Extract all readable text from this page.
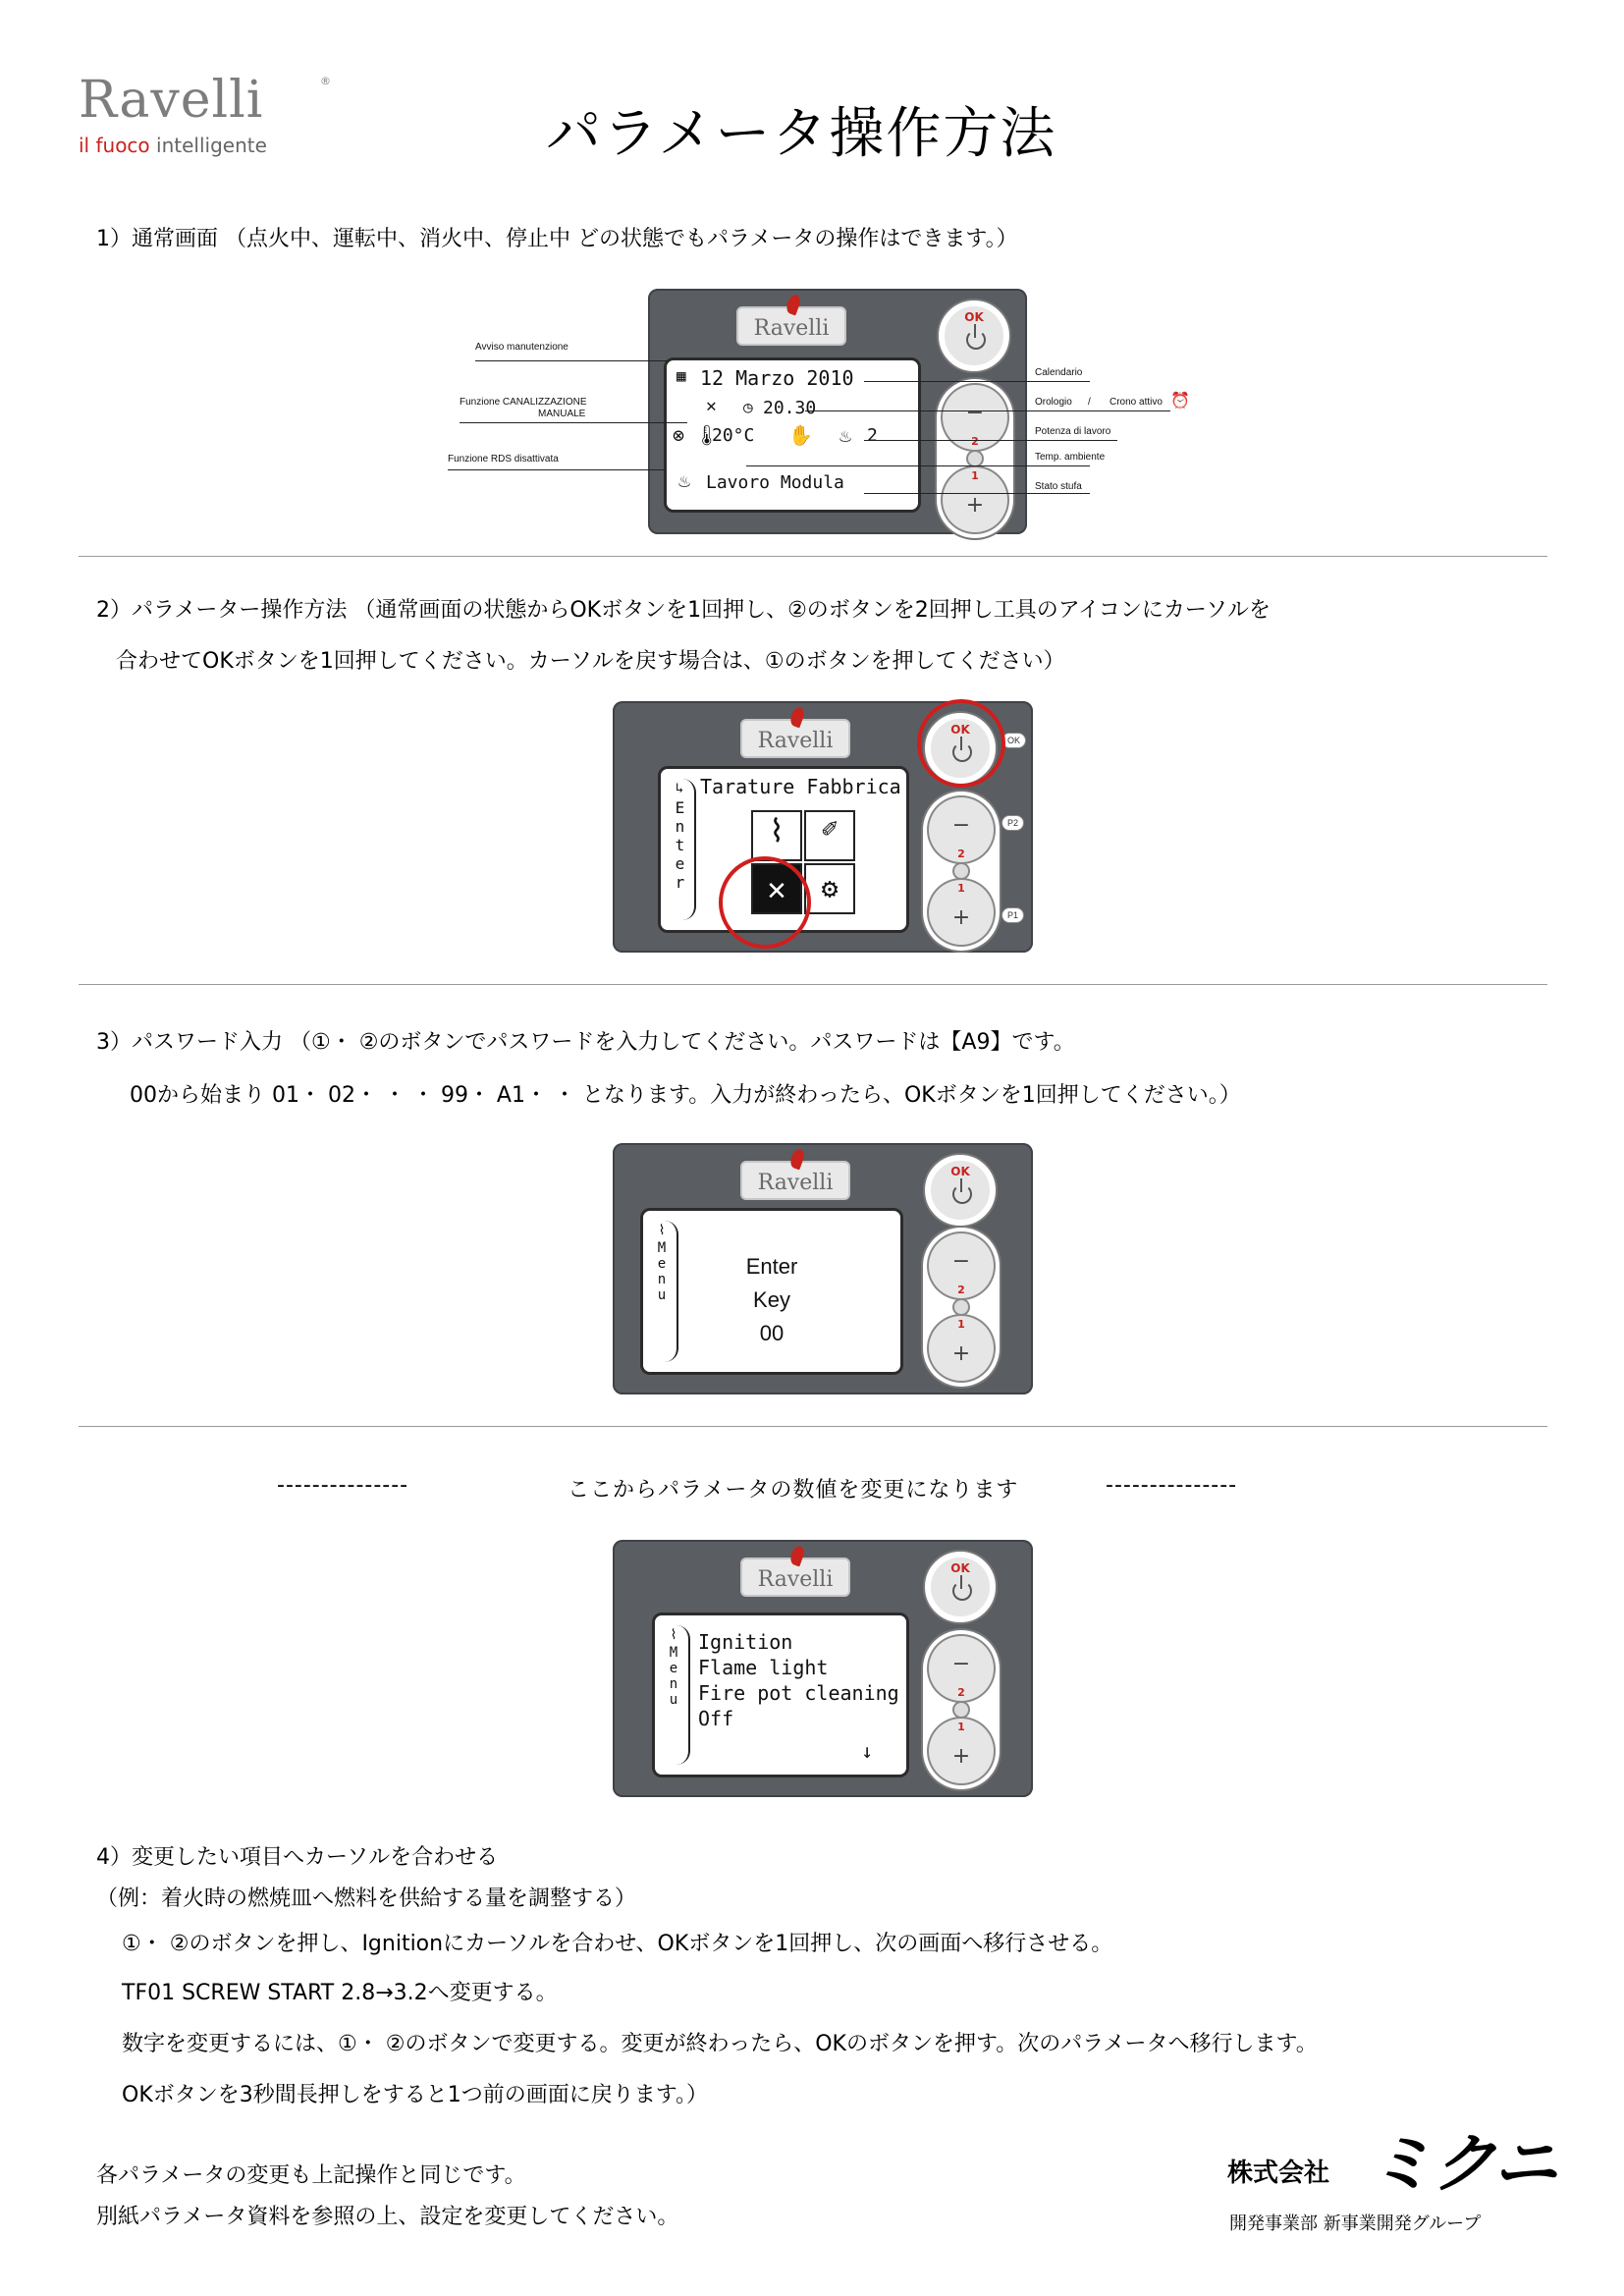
Ravelli	®
il fuoco intelligente	パラメータ操作方法
1）通常画面 （点火中、運転中、消火中、停止中 どの状態でもパラメータの操作はできます。）
Ravelli
▦ 12 Marzo 2010
✕ ◷ 20.30
⊗ 🌡
20°C ✋ ♨ 2
♨ Lavoro Modula
OK
−
2
1
+
Avviso manutenzione
Funzione CANALIZZAZIONE
MANUALE
Funzione RDS disattivata
Calendario
Orologio / Crono attivo ⏰
Potenza di lavoro
Temp. ambiente
Stato stufa
2）パラメーター操作方法 （通常画面の状態からOKボタンを1回押し、②のボタンを2回押し工具のアイコンにカーソルを
合わせてOKボタンを1回押してください。カーソルを戻す場合は、①のボタンを押してください）
Ravelli
↳
Enter
Tarature Fabbrica
⌇	✐
✕	⚙
OK
−
2
1
+
OK
P2
P1
3）パスワード入力 （①・ ②のボタンでパスワードを入力してください。パスワードは【A9】です。
00から始まり 01・ 02・ ・ ・ 99・ A1・ ・ となります。入力が終わったら、OKボタンを1回押してください。）
Ravelli
⌇
Menu	Enter
Key
00
OK
−
2
1
+
---------------	ここからパラメータの数値を変更になります	---------------
Ravelli
⌇
Menu
Ignition
Flame light
Fire pot cleaning
Off
↓
OK
−
2
1
+
4）変更したい項目へカーソルを合わせる
（例：着火時の燃焼皿へ燃料を供給する量を調整する）
①・ ②のボタンを押し、Ignitionにカーソルを合わせ、OKボタンを1回押し、次の画面へ移行させる。
TF01 SCREW START 2.8→3.2へ変更する。
数字を変更するには、①・ ②のボタンで変更する。変更が終わったら、OKのボタンを押す。次のパラメータへ移行します。
OKボタンを3秒間長押しをすると1つ前の画面に戻ります。）
各パラメータの変更も上記操作と同じです。
別紙パラメータ資料を参照の上、設定を変更してください。
株式会社 ミクニ
開発事業部 新事業開発グループ
